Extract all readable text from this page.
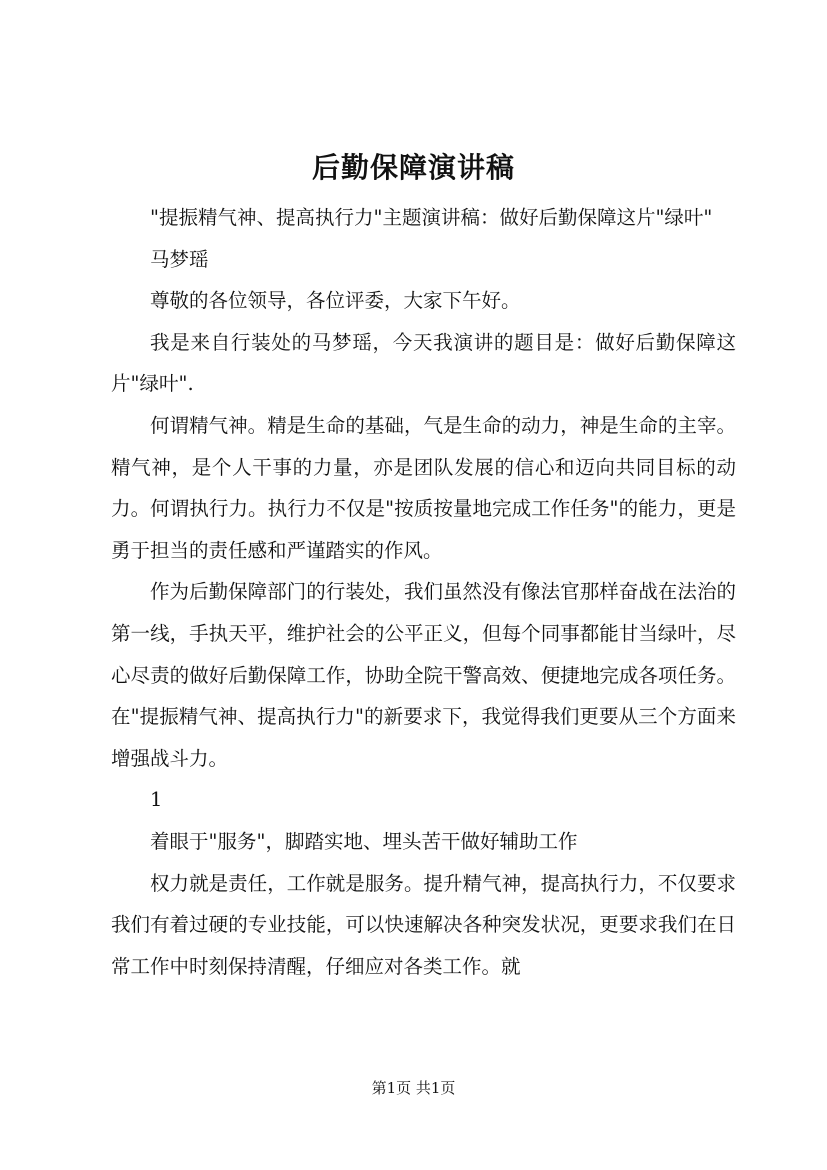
后勤保障演讲稿

"提振精气神、提高执行力"主题演讲稿：做好后勤保障这片"绿叶"

马梦瑶

尊敬的各位领导，各位评委，大家下午好。

我是来自行装处的马梦瑶，今天我演讲的题目是：做好后勤保障这片"绿叶".

何谓精气神。精是生命的基础，气是生命的动力，神是生命的主宰。精气神，是个人干事的力量，亦是团队发展的信心和迈向共同目标的动力。何谓执行力。执行力不仅是"按质按量地完成工作任务"的能力，更是勇于担当的责任感和严谨踏实的作风。

作为后勤保障部门的行装处，我们虽然没有像法官那样奋战在法治的第一线，手执天平，维护社会的公平正义，但每个同事都能甘当绿叶，尽心尽责的做好后勤保障工作，协助全院干警高效、便捷地完成各项任务。在"提振精气神、提高执行力"的新要求下，我觉得我们更要从三个方面来增强战斗力。

1

着眼于"服务"，脚踏实地、埋头苦干做好辅助工作

权力就是责任，工作就是服务。提升精气神，提高执行力，不仅要求我们有着过硬的专业技能，可以快速解决各种突发状况，更要求我们在日常工作中时刻保持清醒，仔细应对各类工作。就

第1页 共1页
